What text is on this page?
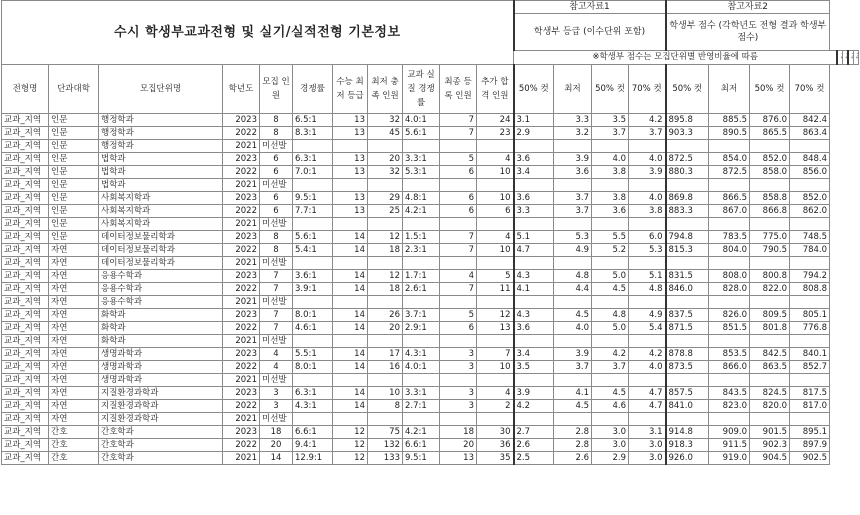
수시 학생부교과전형 및 실기/실적전형 기본정보											참고자료1				참고자료2							
											학생부 등급 (이수단위 포함)				학생부 점수 (각학년도 전형 결과 학생부 점수)							
											※학생부 점수는 모집단위별 반영비율에 따름				
전형명	단과대학	모집단위명	학년도	모집 인원	경쟁률	수능 최저 등급	최저 충족 인원	교과 실질 경쟁률	최종 등록 인원	추가 합격 인원	50% 컷	최저	50% 컷	70% 컷	50% 컷	최저	50% 컷	70% 컷				
교과_지역	인문	행정학과	2023	8	6.5:1	13	32	4.0:1	7	24	3.1	3.3	3.5	4.2	895.8	885.5	876.0	842.4				
교과_지역	인문	행정학과	2022	8	8.3:1	13	45	5.6:1	7	23	2.9	3.2	3.7	3.7	903.3	890.5	865.5	863.4				
교과_지역	인문	행정학과	2021	미선발																		
교과_지역	인문	법학과	2023	6	6.3:1	13	20	3.3:1	5	4	3.6	3.9	4.0	4.0	872.5	854.0	852.0	848.4				
교과_지역	인문	법학과	2022	6	7.0:1	13	32	5.3:1	6	10	3.4	3.6	3.8	3.9	880.3	872.5	858.0	856.0				
교과_지역	인문	법학과	2021	미선발																		
교과_지역	인문	사회복지학과	2023	6	9.5:1	13	29	4.8:1	6	10	3.6	3.7	3.8	4.0	869.8	866.5	858.8	852.0				
교과_지역	인문	사회복지학과	2022	6	7.7:1	13	25	4.2:1	6	6	3.3	3.7	3.6	3.8	883.3	867.0	866.8	862.0				
교과_지역	인문	사회복지학과	2021	미선발																		
교과_지역	인문	데이터정보물리학과	2023	8	5.6:1	14	12	1.5:1	7	4	5.1	5.3	5.5	6.0	794.8	783.5	775.0	748.5				
교과_지역	자연	데이터정보물리학과	2022	8	5.4:1	14	18	2.3:1	7	10	4.7	4.9	5.2	5.3	815.3	804.0	790.5	784.0				
교과_지역	자연	데이터정보물리학과	2021	미선발																		
교과_지역	자연	응용수학과	2023	7	3.6:1	14	12	1.7:1	4	5	4.3	4.8	5.0	5.1	831.5	808.0	800.8	794.2				
교과_지역	자연	응용수학과	2022	7	3.9:1	14	18	2.6:1	7	11	4.1	4.4	4.5	4.8	846.0	828.0	822.0	808.8				
교과_지역	자연	응용수학과	2021	미선발																		
교과_지역	자연	화학과	2023	7	8.0:1	14	26	3.7:1	5	12	4.3	4.5	4.8	4.9	837.5	826.0	809.5	805.1				
교과_지역	자연	화학과	2022	7	4.6:1	14	20	2.9:1	6	13	3.6	4.0	5.0	5.4	871.5	851.5	801.8	776.8				
교과_지역	자연	화학과	2021	미선발																		
교과_지역	자연	생명과학과	2023	4	5.5:1	14	17	4.3:1	3	7	3.4	3.9	4.2	4.2	878.8	853.5	842.5	840.1				
교과_지역	자연	생명과학과	2022	4	8.0:1	14	16	4.0:1	3	10	3.5	3.7	3.7	4.0	873.5	866.0	863.5	852.7				
교과_지역	자연	생명과학과	2021	미선발																		
교과_지역	자연	지질환경과학과	2023	3	6.3:1	14	10	3.3:1	3	4	3.9	4.1	4.5	4.7	857.5	843.5	824.5	817.5				
교과_지역	자연	지질환경과학과	2022	3	4.3:1	14	8	2.7:1	3	2	4.2	4.5	4.6	4.7	841.0	823.0	820.0	817.0				
교과_지역	자연	지질환경과학과	2021	미선발																		
교과_지역	간호	간호학과	2023	18	6.6:1	12	75	4.2:1	18	30	2.7	2.8	3.0	3.1	914.8	909.0	901.5	895.1				
교과_지역	간호	간호학과	2022	20	9.4:1	12	132	6.6:1	20	36	2.6	2.8	3.0	3.0	918.3	911.5	902.3	897.9				
교과_지역	간호	간호학과	2021	14	12.9:1	12	133	9.5:1	13	35	2.5	2.6	2.9	3.0	926.0	919.0	904.5	902.5				
